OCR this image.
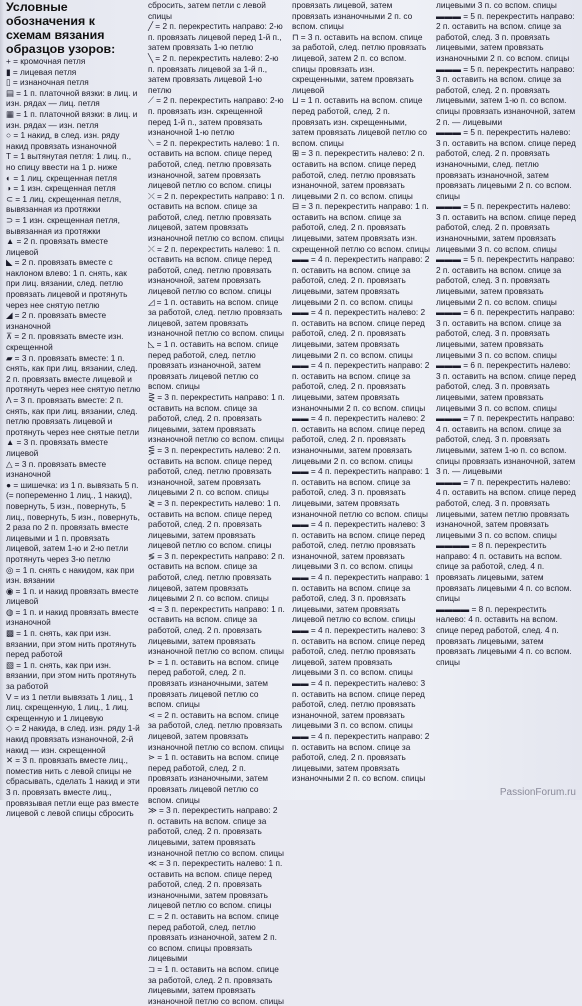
Условные обозначения к схемам вязания образцов узоров:

+ = кромочная петля

▮ = лицевая петля

▯ = изнаночная петля

▤ = 1 п. платочной вязки: в лиц. и изн. рядах — лиц. петля

▦ = 1 п. платочной вязки: в лиц. и изн. рядах — изн. петля

○ = 1 накид, в след. изн. ряду накид провязать изнаночной

T = 1 вытянутая петля: 1 лиц. п., но спицу ввести на 1 р. ниже

◐ = 1 лиц. скрещенная петля

◑ = 1 изн. скрещенная петля

⊂ = 1 лиц. скрещенная петля, вывязанная из протяжки

⊃ = 1 изн. скрещенная петля, вывязанная из протяжки

▲ = 2 п. провязать вместе лицевой

◣ = 2 п. провязать вместе с наклоном влево: 1 п. снять, как при лиц. вязании, след. петлю провязать лицевой и протянуть через нее снятую петлю

◢ = 2 п. провязать вместе изнаночной

⊼ = 2 п. провязать вместе изн. скрещенной

▰ = 3 п. провязать вместе: 1 п. снять, как при лиц. вязании, след. 2 п. провязать вместе лицевой и протянуть через нее снятую петлю

Λ = 3 п. провязать вместе: 2 п. снять, как при лиц. вязании, след. петлю провязать лицевой и протянуть через нее снятые петли

▲ = 3 п. провязать вместе лицевой

△ = 3 п. провязать вместе изнаночной

● = шишечка: из 1 п. вывязать 5 п. (= попеременно 1 лиц., 1 накид), повернуть, 5 изн., повернуть, 5 лиц., повернуть, 5 изн., повернуть, 2 раза по 2 п. провязать вместе лицевыми и 1 п. провязать лицевой, затем 1-ю и 2-ю петли протянуть через 3-ю петлю

◎ = 1 п. снять с накидом, как при изн. вязании

◉ = 1 п. и накид провязать вместе лицевой

◍ = 1 п. и накид провязать вместе изнаночной

▩ = 1 п. снять, как при изн. вязании, при этом нить протянуть перед работой

▧ = 1 п. снять, как при изн. вязании, при этом нить протянуть за работой

V = из 1 петли вывязать 1 лиц., 1 лиц. скрещенную, 1 лиц., 1 лиц. скрещенную и 1 лицевую

◇ = 2 накида, в след. изн. ряду 1-й накид провязать изнаночной, 2-й накид — изн. скрещенной

✕ = 3 п. провязать вместе лиц., поместив нить с левой спицы не сбрасывать, сделать 1 накид и эти 3 п. провязать вместе лиц., провязывая петли еще раз вместе лицевой с левой спицы сбросить

сбросить, затем петли с левой спицы

╱ = 2 п. перекрестить направо: 2-ю п. провязать лицевой перед 1-й п., затем провязать 1-ю петлю

╲ = 2 п. перекрестить налево: 2-ю п. провязать лицевой за 1-й п., затем провязать лицевой 1-ю петлю

⟋ = 2 п. перекрестить направо: 2-ю п. провязать изн. скрещенной перед 1-й п., затем провязать изнаночной 1-ю петлю

⟍ = 2 п. перекрестить налево: 1 п. оставить на вспом. спице перед работой, след. петлю провязать изнаночной, затем провязать лицевой петлю со вспом. спицы

⤫ = 2 п. перекрестить направо: 1 п. оставить на вспом. спице за работой, след. петлю провязать лицевой, затем провязать изнаночной петлю со вспом. спицы

⤬ = 2 п. перекрестить налево: 1 п. оставить на вспом. спице перед работой, след. петлю провязать изнаночной, затем провязать лицевой петлю со вспом. спицы

◿ = 1 п. оставить на вспом. спице за работой, след. петлю провязать лицевой, затем провязать изнаночной петлю со вспом. спицы

◺ = 1 п. оставить на вспом. спице перед работой, след. петлю провязать изнаночной, затем провязать лицевой петлю со вспом. спицы

⋛ = 3 п. перекрестить направо: 1 п. оставить на вспом. спице за работой, след. 2 п. провязать лицевыми, затем провязать изнаночной петлю со вспом. спицы

⋚ = 3 п. перекрестить налево: 2 п. оставить на вспом. спице перед работой, след. петлю провязать изнаночной, затем провязать лицевыми 2 п. со вспом. спицы

≷ = 3 п. перекрестить налево: 1 п. оставить на вспом. спице перед работой, след. 2 п. провязать лицевыми, затем провязать лицевой петлю со вспом. спицы

≶ = 3 п. перекрестить направо: 2 п. оставить на вспом. спице за работой, след. петлю провязать лицевой, затем провязать лицевыми 2 п. со вспом. спицы

⊲ = 3 п. перекрестить направо: 1 п. оставить на вспом. спице за работой, след. 2 п. провязать лицевыми, затем провязать изнаночной петлю со вспом. спицы

⊳ = 1 п. оставить на вспом. спице перед работой, след. 2 п. провязать изнаночными, затем провязать лицевой петлю со вспом. спицы

⋖ = 2 п. оставить на вспом. спице за работой, след. петлю провязать лицевой, затем провязать изнаночной петлю со вспом. спицы

⋗ = 1 п. оставить на вспом. спице перед работой, след. 2 п. провязать изнаночными, затем провязать лицевой петлю со вспом. спицы

≫ = 3 п. перекрестить направо: 2 п. оставить на вспом. спице за работой, след. 2 п. провязать лицевыми, затем провязать изнаночной петлю со вспом. спицы

≪ = 3 п. перекрестить налево: 1 п. оставить на вспом. спице перед работой, след. 2 п. провязать изнаночными, затем провязать лицевой петлю со вспом. спицы

⊏ = 2 п. оставить на вспом. спице перед работой, след. петлю провязать изнаночной, затем 2 п. со вспом. спицы провязать лицевыми

⊐ = 1 п. оставить на вспом. спице за работой, след. 2 п. провязать лицевыми, затем провязать изнаночной петлю со вспом. спицы

провязать лицевой, затем провязать изнаночными 2 п. со вспом. спицы

⊓ = 3 п. оставить на вспом. спице за работой, след. петлю провязать лицевой, затем 2 п. со вспом. спицы провязать изн. скрещенными, затем провязать лицевой

⊔ = 1 п. оставить на вспом. спице перед работой, след. 2 п. провязать изн. скрещенными, затем провязать лицевой петлю со вспом. спицы

⊞ = 3 п. перекрестить налево: 2 п. оставить на вспом. спице перед работой, след. петлю провязать изнаночной, затем провязать лицевыми 2 п. со вспом. спицы

⊟ = 3 п. перекрестить направо: 1 п. оставить на вспом. спице за работой, след. 2 п. провязать лицевыми, затем провязать изн. скрещенной петлю со вспом. спицы

▬▬ = 4 п. перекрестить направо: 2 п. оставить на вспом. спице за работой, след. 2 п. провязать лицевыми, затем провязать лицевыми 2 п. со вспом. спицы

▬▬ = 4 п. перекрестить налево: 2 п. оставить на вспом. спице перед работой, след. 2 п. провязать лицевыми, затем провязать лицевыми 2 п. со вспом. спицы

▬▬ = 4 п. перекрестить направо: 2 п. оставить на вспом. спице за работой, след. 2 п. провязать лицевыми, затем провязать изнаночными 2 п. со вспом. спицы

▬▬ = 4 п. перекрестить налево: 2 п. оставить на вспом. спице перед работой, след. 2 п. провязать изнаночными, затем провязать лицевыми 2 п. со вспом. спицы

▬▬ = 4 п. перекрестить направо: 1 п. оставить на вспом. спице за работой, след. 3 п. провязать лицевыми, затем провязать изнаночной петлю со вспом. спицы

▬▬ = 4 п. перекрестить налево: 3 п. оставить на вспом. спице перед работой, след. петлю провязать изнаночной, затем провязать лицевыми 3 п. со вспом. спицы

▬▬ = 4 п. перекрестить направо: 1 п. оставить на вспом. спице за работой, след. 3 п. провязать лицевыми, затем провязать лицевой петлю со вспом. спицы

▬▬ = 4 п. перекрестить налево: 3 п. оставить на вспом. спице перед работой, след. петлю провязать лицевой, затем провязать лицевыми 3 п. со вспом. спицы

▬▬ = 4 п. перекрестить налево: 3 п. оставить на вспом. спице перед работой, след. петлю провязать изнаночной, затем провязать лицевыми 3 п. со вспом. спицы

▬▬ = 4 п. перекрестить направо: 2 п. оставить на вспом. спице за работой, след. 2 п. провязать лицевыми, затем провязать изнаночными 2 п. со вспом. спицы

лицевыми 3 п. со вспом. спицы

▬▬▬ = 5 п. перекрестить направо: 2 п. оставить на вспом. спице за работой, след. 3 п. провязать лицевыми, затем провязать изнаночными 2 п. со вспом. спицы

▬▬▬ = 5 п. перекрестить направо: 3 п. оставить на вспом. спице за работой, след. 2 п. провязать лицевыми, затем 1-ю п. со вспом. спицы провязать изнаночной, затем 2 п. — лицевыми

▬▬▬ = 5 п. перекрестить налево: 3 п. оставить на вспом. спице перед работой, след. 2 п. провязать изнаночными, след. петлю провязать изнаночной, затем провязать лицевыми 2 п. со вспом. спицы

▬▬▬ = 5 п. перекрестить налево: 3 п. оставить на вспом. спице перед работой, след. 2 п. провязать изнаночными, затем провязать лицевыми 3 п. со вспом. спицы

▬▬▬ = 5 п. перекрестить направо: 2 п. оставить на вспом. спице за работой, след. 3 п. провязать лицевыми, затем провязать лицевыми 2 п. со вспом. спицы

▬▬▬ = 6 п. перекрестить направо: 3 п. оставить на вспом. спице за работой, след. 3 п. провязать лицевыми, затем провязать лицевыми 3 п. со вспом. спицы

▬▬▬ = 6 п. перекрестить налево: 3 п. оставить на вспом. спице перед работой, след. 3 п. провязать лицевыми, затем провязать лицевыми 3 п. со вспом. спицы

▬▬▬ = 7 п. перекрестить направо: 4 п. оставить на вспом. спице за работой, след. 3 п. провязать лицевыми, затем 1-ю п. со вспом. спицы провязать изнаночной, затем 3 п. — лицевыми

▬▬▬ = 7 п. перекрестить налево: 4 п. оставить на вспом. спице перед работой, след. 3 п. провязать лицевыми, затем петлю провязать изнаночной, затем провязать лицевыми 3 п. со вспом. спицы

▬▬▬▬ = 8 п. перекрестить направо: 4 п. оставить на вспом. спице за работой, след. 4 п. провязать лицевыми, затем провязать лицевыми 4 п. со вспом. спицы

▬▬▬▬ = 8 п. перекрестить налево: 4 п. оставить на вспом. спице перед работой, след. 4 п. провязать лицевыми, затем провязать лицевыми 4 п. со вспом. спицы

PassionForum.ru
